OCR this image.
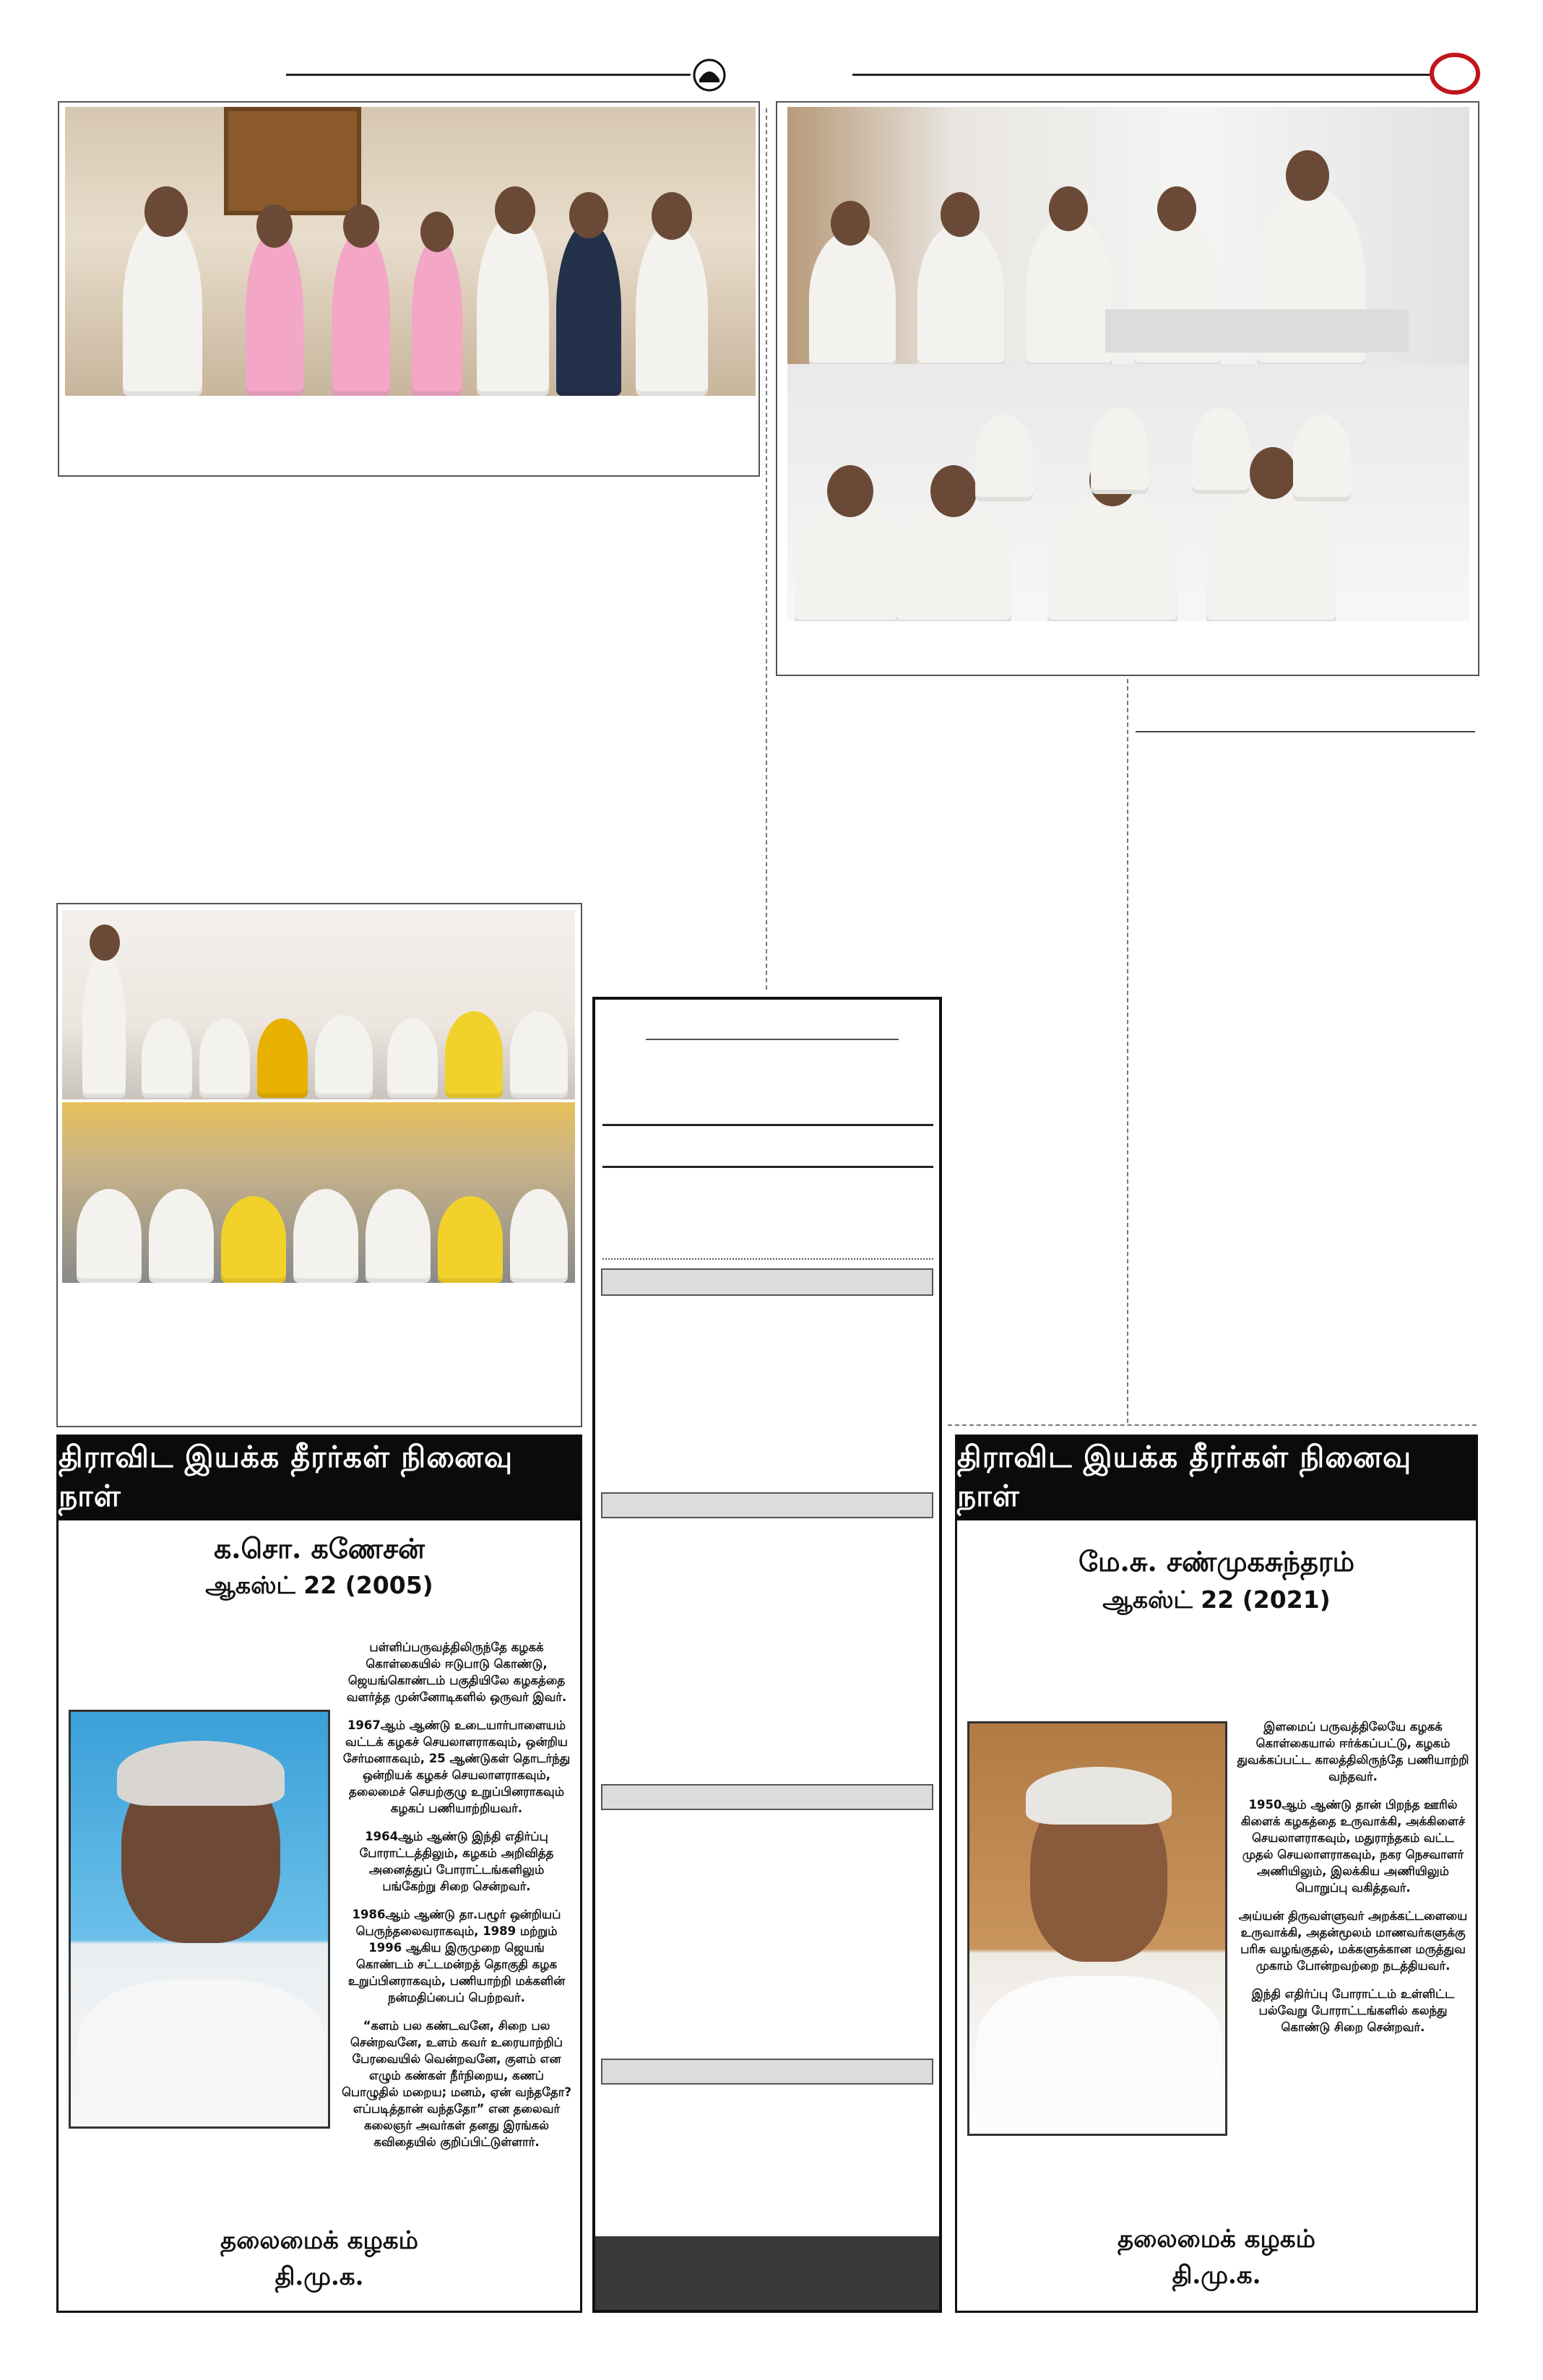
திராவிட இயக்க தீரர்கள் நினைவு நாள்
க.சொ. கணேசன்
ஆகஸ்ட் 22 (2005)

பள்ளிப்பருவத்திலிருந்தே கழகக் கொள்கையில் ஈடுபாடு கொண்டு, ஜெயங்கொண்டம் பகுதியிலே கழகத்தை வளர்த்த முன்னோடிகளில் ஒருவர் இவர்.

1967ஆம் ஆண்டு உடையார்பாளையம் வட்டக் கழகச் செயலாளராகவும், ஒன்றிய சேர்மனாகவும், 25 ஆண்டுகள் தொடர்ந்து ஒன்றியக் கழகச் செயலாளராகவும், தலைமைச் செயற்குழு உறுப்பினராகவும் கழகப் பணியாற்றியவர்.

1964ஆம் ஆண்டு இந்தி எதிர்ப்பு போராட்டத்திலும், கழகம் அறிவித்த அனைத்துப் போராட்டங்களிலும் பங்கேற்று சிறை சென்றவர்.

1986ஆம் ஆண்டு தா.பழூர் ஒன்றியப் பெருந்தலைவராகவும், 1989 மற்றும் 1996 ஆகிய இருமுறை ஜெயங் கொண்டம் சட்டமன்றத் தொகுதி கழக உறுப்பினராகவும், பணியாற்றி மக்களின் நன்மதிப்பைப் பெற்றவர்.

“களம் பல கண்டவனே, சிறை பல சென்றவனே, உளம் கவர் உரையாற்றிப் பேரவையில் வென்றவனே, குளம் என எழும் கண்கள் நீர்நிறைய, கணப் பொழுதில் மறைய; மனம், ஏன் வந்ததோ? எப்படித்தான் வந்ததோ” என தலைவர் கலைஞர் அவர்கள் தனது இரங்கல் கவிதையில் குறிப்பிட்டுள்ளார்.

தலைமைக் கழகம்
தி.மு.க.
திராவிட இயக்க தீரர்கள் நினைவு நாள்
மே.சு. சண்முகசுந்தரம்
ஆகஸ்ட் 22 (2021)

இளமைப் பருவத்திலேயே கழகக் கொள்கையால் ஈர்க்கப்பட்டு, கழகம் துவக்கப்பட்ட காலத்திலிருந்தே பணியாற்றி வந்தவர்.

1950ஆம் ஆண்டு தான் பிறந்த ஊரில் கிளைக் கழகத்தை உருவாக்கி, அக்கிளைச் செயலாளராகவும், மதுராந்தகம் வட்ட முதல் செயலாளராகவும், நகர நெசவாளர் அணியிலும், இலக்கிய அணியிலும் பொறுப்பு வகித்தவர்.

அய்யன் திருவள்ளுவர் அறக்கட்டளையை உருவாக்கி, அதன்மூலம் மாணவர்களுக்கு பரிசு வழங்குதல், மக்களுக்கான மருத்துவ முகாம் போன்றவற்றை நடத்தியவர்.

இந்தி எதிர்ப்பு போராட்டம் உள்ளிட்ட பல்வேறு போராட்டங்களில் கலந்து கொண்டு சிறை சென்றவர்.

தலைமைக் கழகம்
தி.மு.க.
